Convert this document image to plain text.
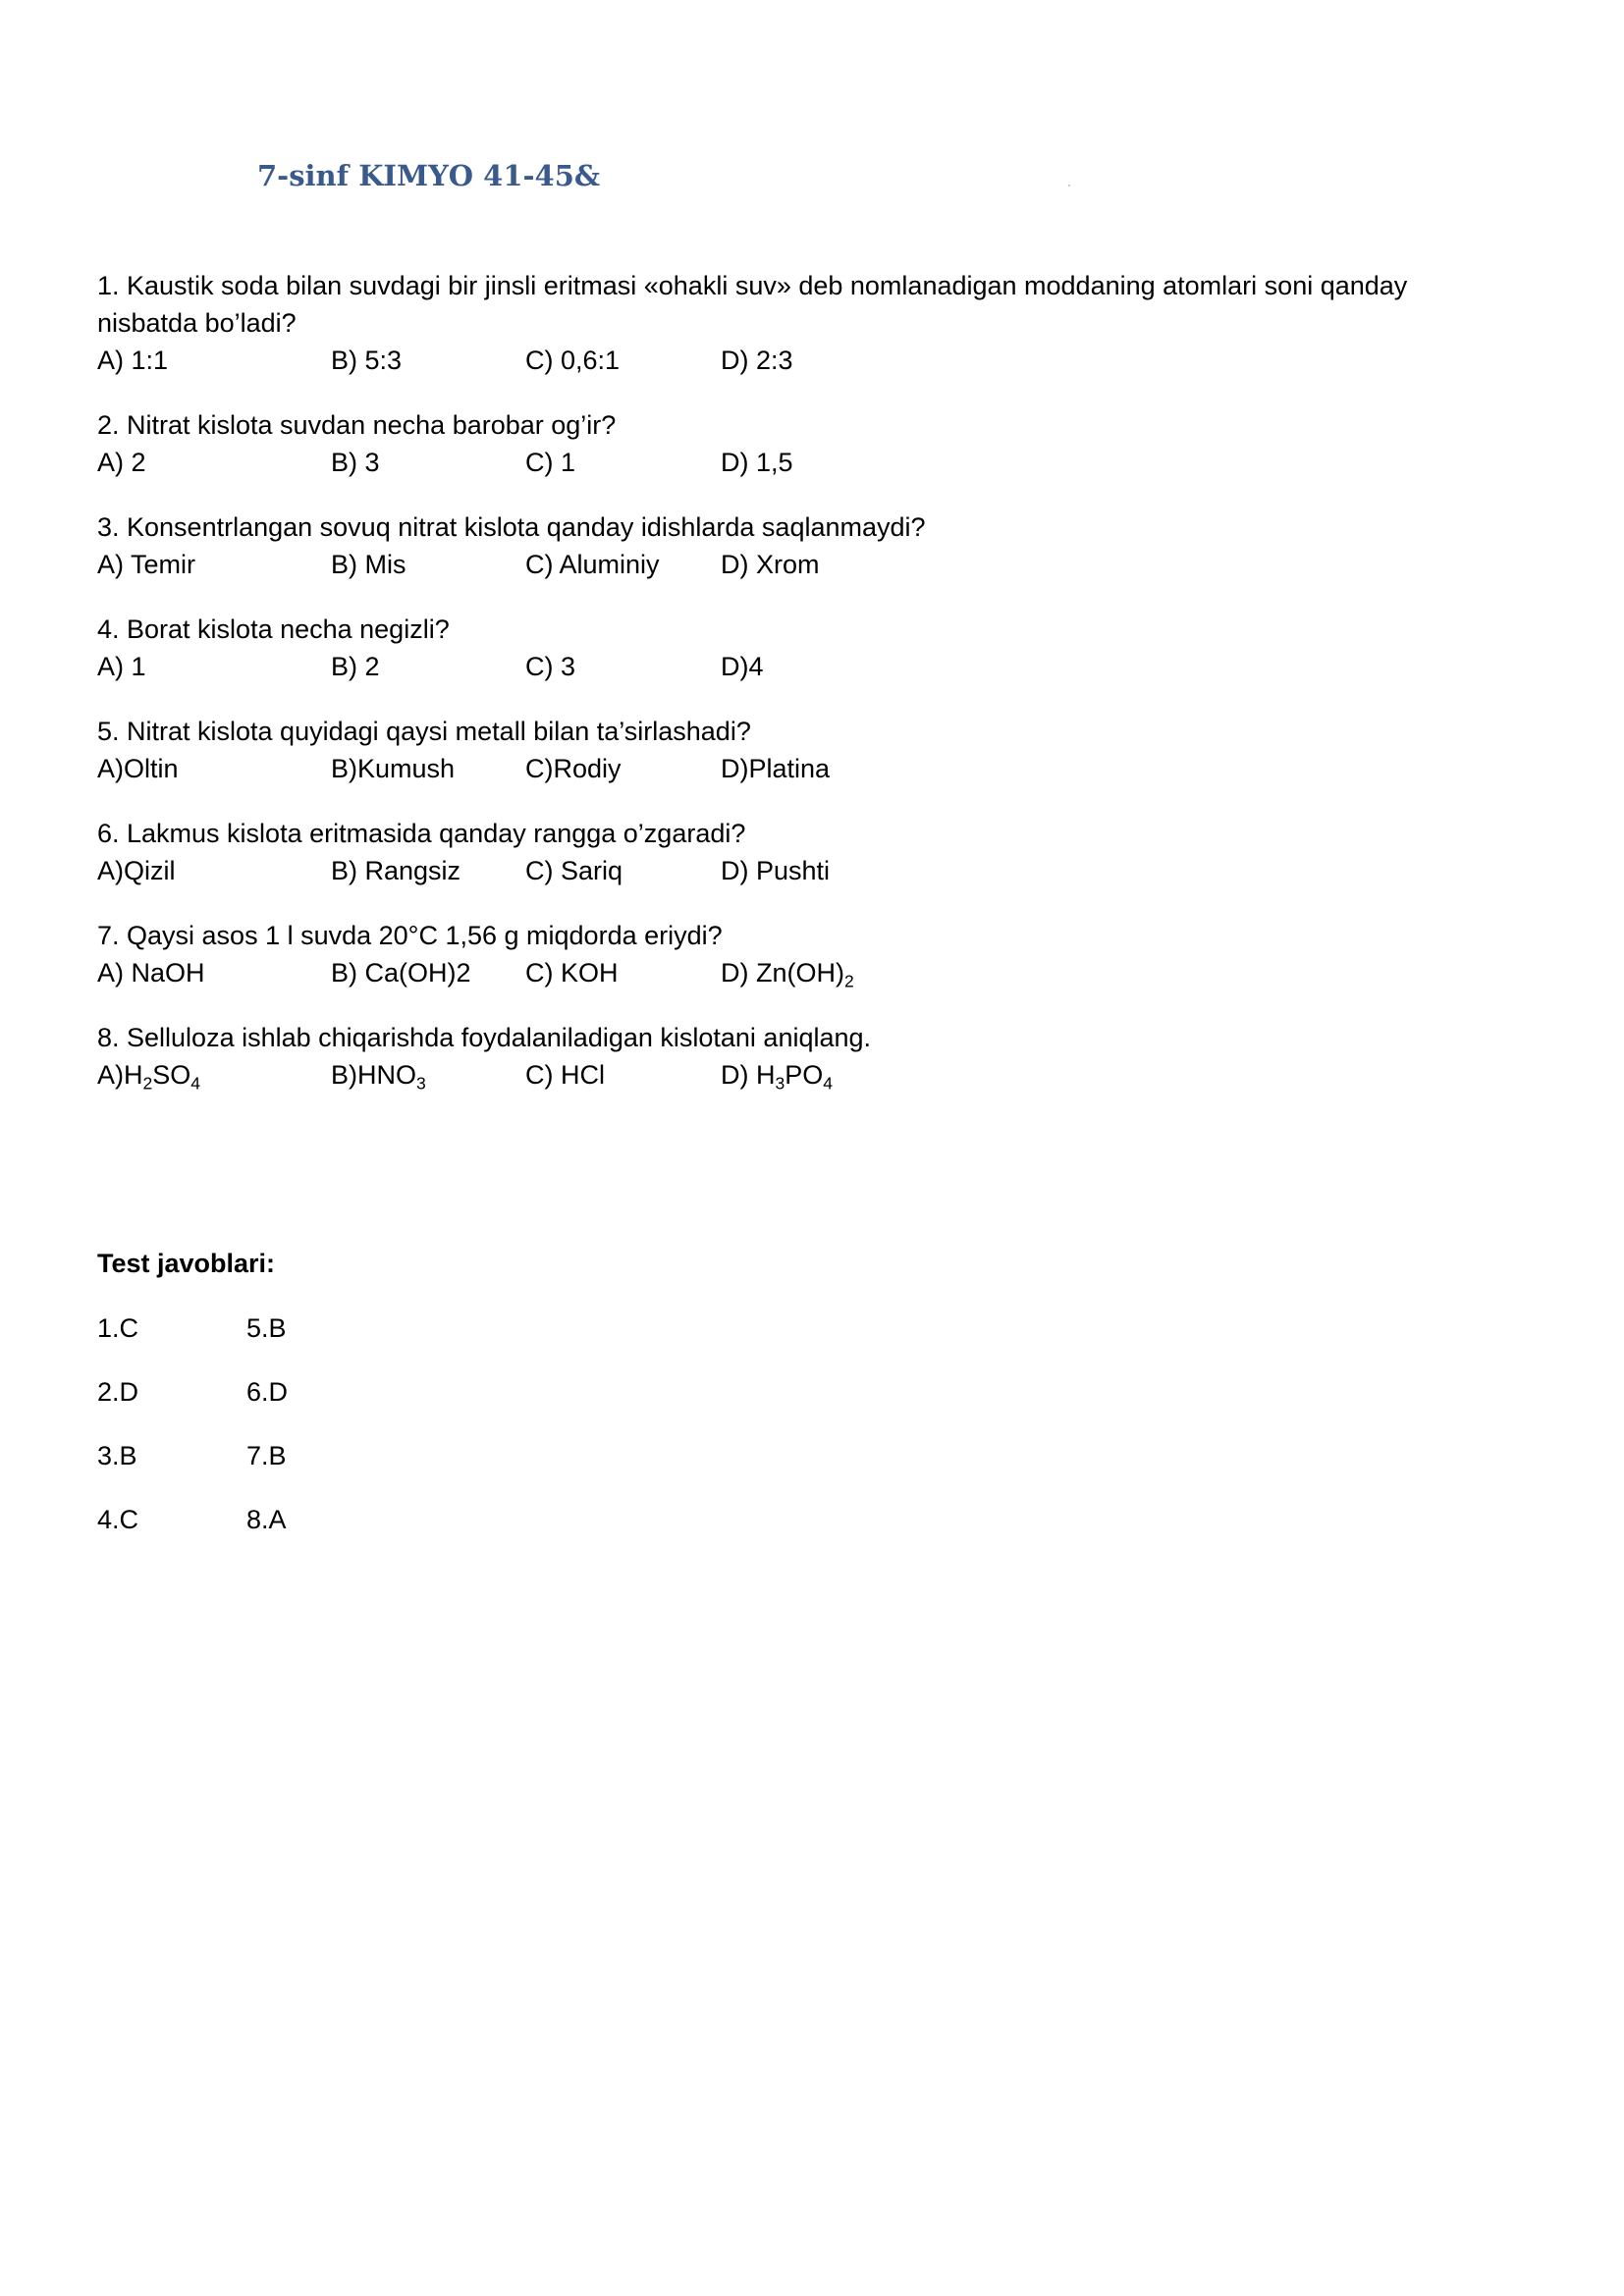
7-sinf KIMYO 41-45&

1. Kaustik soda bilan suvdagi bir jinsli eritmasi «ohakli suv» deb nomlanadigan moddaning atomlari soni qanday nisbatda bo’ladi?

A) 1:1	B) 5:3	C) 0,6:1	D) 2:3

2. Nitrat kislota suvdan necha barobar og’ir?

A) 2	B) 3	C) 1	D) 1,5

3. Konsentrlangan sovuq nitrat kislota qanday idishlarda saqlanmaydi?

A) Temir	B) Mis	C) Aluminiy D) Xrom

4. Borat kislota necha negizli?

A) 1	B) 2	C) 3	D)4

5. Nitrat kislota quyidagi qaysi metall bilan ta’sirlashadi?

A)Oltin	B)Kumush	C)Rodiy	D)Platina

6. Lakmus kislota eritmasida qanday rangga o’zgaradi?

A)Qizil	B) Rangsiz C) Sariq	D) Pushti

7. Qaysi asos 1 l suvda 20°C 1,56 g miqdorda eriydi?

A) NaOH	B) Ca(OH)2 C) KOH	D) $Zn(OH)_2$

8. Selluloza ishlab chiqarishda foydalaniladigan kislotani aniqlang.

$A)H_2SO_4$	$B)HNO_3$	C) HCl	D) $H_3PO_4$

Test javoblari:

1.C	5.B
2.D	6.D
3.B	7.B
4.C	8.A
